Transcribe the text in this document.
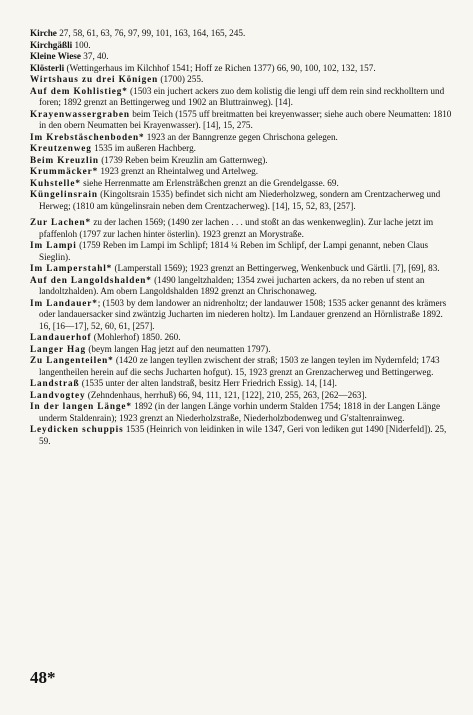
Kirche 27, 58, 61, 63, 76, 97, 99, 101, 163, 164, 165, 245.

Kirchgäßli 100.

Kleine Wiese 37, 40.

Klösterli (Wettingerhaus im Kilchhof 1541; Hoff ze Richen 1377) 66, 90, 100, 102, 132, 157.

Wirtshaus zu drei Königen (1700) 255.

Auf dem Kohlistieg* (1503 ein juchert ackers zuo dem kolistig die lengi uff dem rein sind reckholltern und foren; 1892 grenzt an Bettingerweg und 1902 an Bluttrainweg). [14].

Krayenwassergraben beim Teich (1575 uff breitmatten bei kreyenwasser; siehe auch obere Neumatten: 1810 in den obern Neumatten bei Krayenwasser). [14], 15, 275.

Im Krebstäschenboden* 1923 an der Banngrenze gegen Chrischona gelegen.

Kreutzenweg 1535 im außeren Hachberg.

Beim Kreuzlin (1739 Reben beim Kreuzlin am Gatternweg).

Krummäcker* 1923 grenzt an Rheintalweg und Artelweg.

Kuhstelle* siehe Herrenmatte am Erlensträßchen grenzt an die Grendelgasse. 69.

Küngelinsrain (Kingoltsrain 1535) befindet sich nicht am Niederholzweg, sondern am Crentzacherweg und Herweg; (1810 am küngelinsrain neben dem Crentzacherweg). [14], 15, 52, 83, [257].

Zur Lachen* zu der lachen 1569; (1490 zer lachen . . . und stoßt an das wenkenweglin). Zur lache jetzt im pfaffenloh (1797 zur lachen hinter österlin). 1923 grenzt an Morystraße.

Im Lampi (1759 Reben im Lampi im Schlipf; 1814 ¼ Reben im Schlipf, der Lampi genannt, neben Claus Sieglin).

Im Lamperstahl* (Lamperstall 1569); 1923 grenzt an Bettingerweg, Wenkenbuck und Gärtli. [7], [69], 83.

Auf den Langoldshalden* (1490 langeltzhalden; 1354 zwei jucharten ackers, da no reben uf stent an landoltzhalden). Am obern Langoldshalden 1892 grenzt an Chrischonaweg.

Im Landauer*; (1503 by dem landower an nidrenholtz; der landauwer 1508; 1535 acker genannt des krämers oder landauersacker sind zwäntzig Jucharten im niederen holtz). Im Landauer grenzend an Hörnlistraße 1892. 16, [16—17], 52, 60, 61, [257].

Landauerhof (Mohlerhof) 1850. 260.

Langer Hag (beym langen Hag jetzt auf den neumatten 1797).

Zu Langenteilen* (1420 ze langen teyllen zwischent der straß; 1503 ze langen teylen im Nydernfeld; 1743 langentheilen herein auf die sechs Jucharten hofgut). 15, 1923 grenzt an Grenzacherweg und Bettingerweg.

Landstraß (1535 unter der alten landstraß, besitz Herr Friedrich Essig). 14, [14].

Landvogtey (Zehndenhaus, herrhuß) 66, 94, 111, 121, [122], 210, 255, 263, [262—263].

In der langen Länge* 1892 (in der langen Länge vorhin underm Stalden 1754; 1818 in der Langen Länge underm Staldenrain); 1923 grenzt an Niederholzstraße, Niederholzbodenweg und G'staltenrainweg.

Leydicken schuppis 1535 (Heinrich von leidinken in wile 1347, Geri von lediken gut 1490 [Niderfeld]). 25, 59.

48*
